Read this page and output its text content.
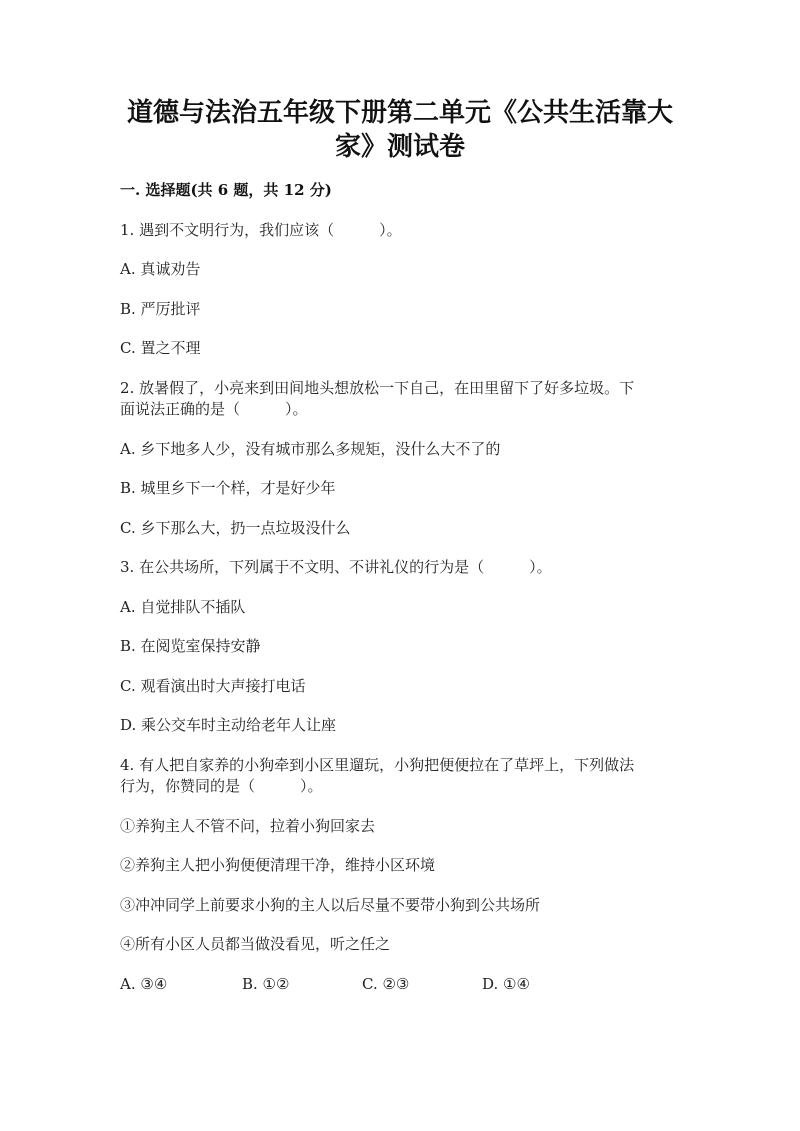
道德与法治五年级下册第二单元《公共生活靠大
家》测试卷

一. 选择题(共 6 题，共 12 分)

1. 遇到不文明行为，我们应该（　　　）。

A. 真诚劝告

B. 严厉批评

C. 置之不理

2. 放暑假了，小亮来到田间地头想放松一下自己，在田里留下了好多垃圾。下

面说法正确的是（　　　）。

A. 乡下地多人少，没有城市那么多规矩，没什么大不了的

B. 城里乡下一个样，才是好少年

C. 乡下那么大，扔一点垃圾没什么

3. 在公共场所，下列属于不文明、不讲礼仪的行为是（　　　）。

A. 自觉排队不插队

B. 在阅览室保持安静

C. 观看演出时大声接打电话

D. 乘公交车时主动给老年人让座

4. 有人把自家养的小狗牵到小区里遛玩，小狗把便便拉在了草坪上，下列做法

行为，你赞同的是（　　　）。

①养狗主人不管不问，拉着小狗回家去

②养狗主人把小狗便便清理干净，维持小区环境

③冲冲同学上前要求小狗的主人以后尽量不要带小狗到公共场所

④所有小区人员都当做没看见，听之任之

A. ③④	B. ①②	C. ②③	D. ①④
